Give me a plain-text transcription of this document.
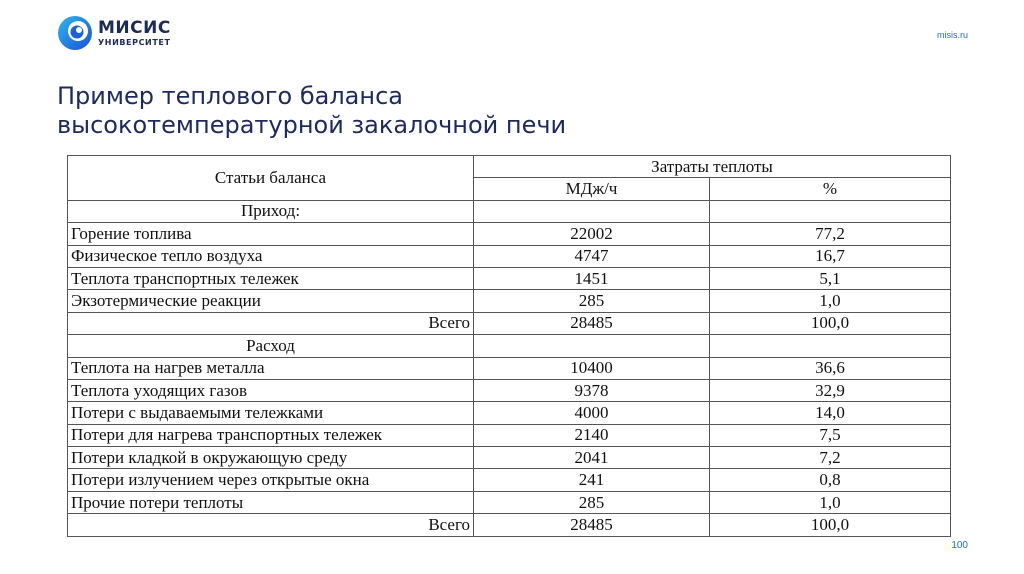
МИСИС
УНИВЕРСИТЕТ
misis.ru
Пример теплового баланса
высокотемпературной закалочной печи
Статьи баланса	Затраты теплоты	
	МДж/ч	%
Приход:		
Горение топлива	22002	77,2
Физическое тепло воздуха	4747	16,7
Теплота транспортных тележек	1451	5,1
Экзотермические реакции	285	1,0
Всего	28485	100,0
Расход		
Теплота на нагрев металла	10400	36,6
Теплота уходящих газов	9378	32,9
Потери с выдаваемыми тележками	4000	14,0
Потери для нагрева транспортных тележек	2140	7,5
Потери кладкой в окружающую среду	2041	7,2
Потери излучением через открытые окна	241	0,8
Прочие потери теплоты	285	1,0
Всего	28485	100,0
100
